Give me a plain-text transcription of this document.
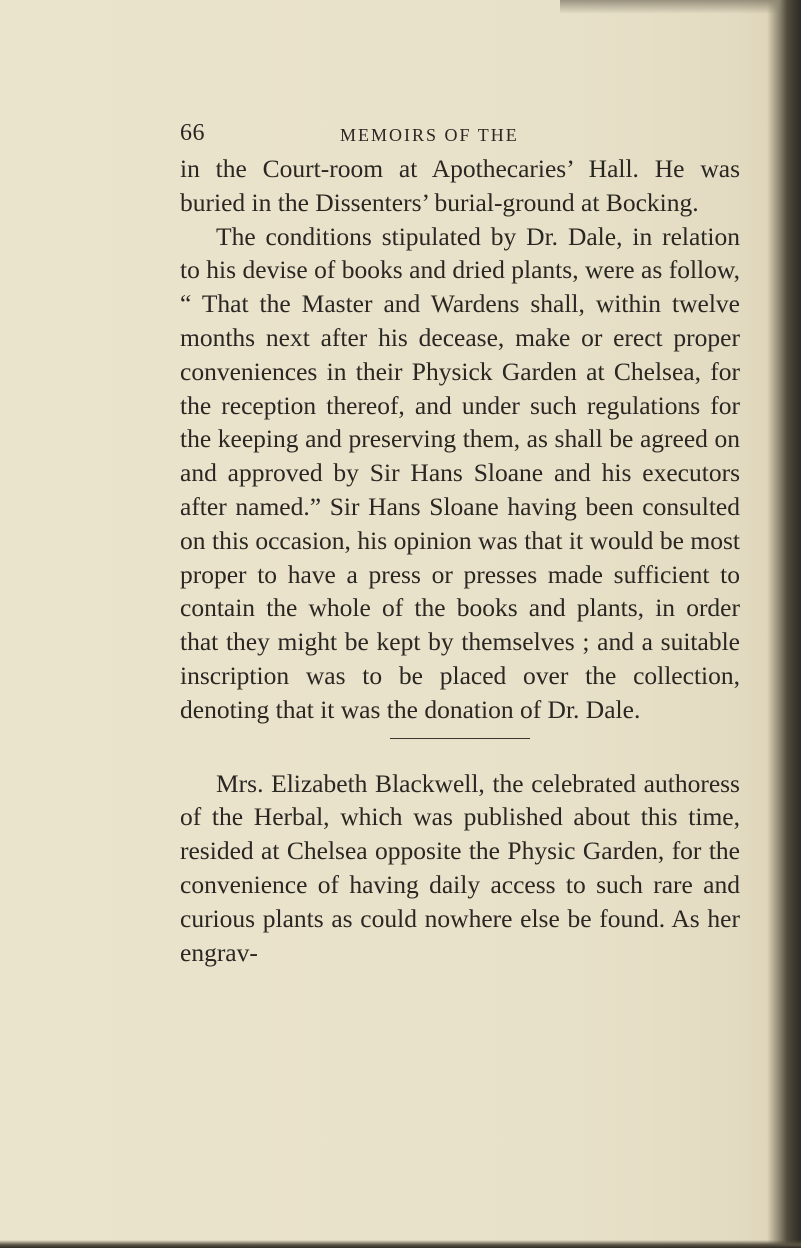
66	MEMOIRS OF THE

in the Court-room at Apothecaries’ Hall. He was buried in the Dissenters’ burial-ground at Bocking.

The conditions stipulated by Dr. Dale, in relation to his devise of books and dried plants, were as follow, “ That the Master and Wardens shall, within twelve months next after his decease, make or erect proper conveniences in their Physick Garden at Chelsea, for the reception thereof, and under such regulations for the keeping and preserving them, as shall be agreed on and approved by Sir Hans Sloane and his executors after named.” Sir Hans Sloane having been consulted on this occasion, his opinion was that it would be most proper to have a press or presses made sufficient to contain the whole of the books and plants, in order that they might be kept by themselves ; and a suitable inscription was to be placed over the collection, denoting that it was the donation of Dr. Dale.

Mrs. Elizabeth Blackwell, the celebrated authoress of the Herbal, which was published about this time, resided at Chelsea opposite the Physic Garden, for the convenience of having daily access to such rare and curious plants as could nowhere else be found. As her engrav-
